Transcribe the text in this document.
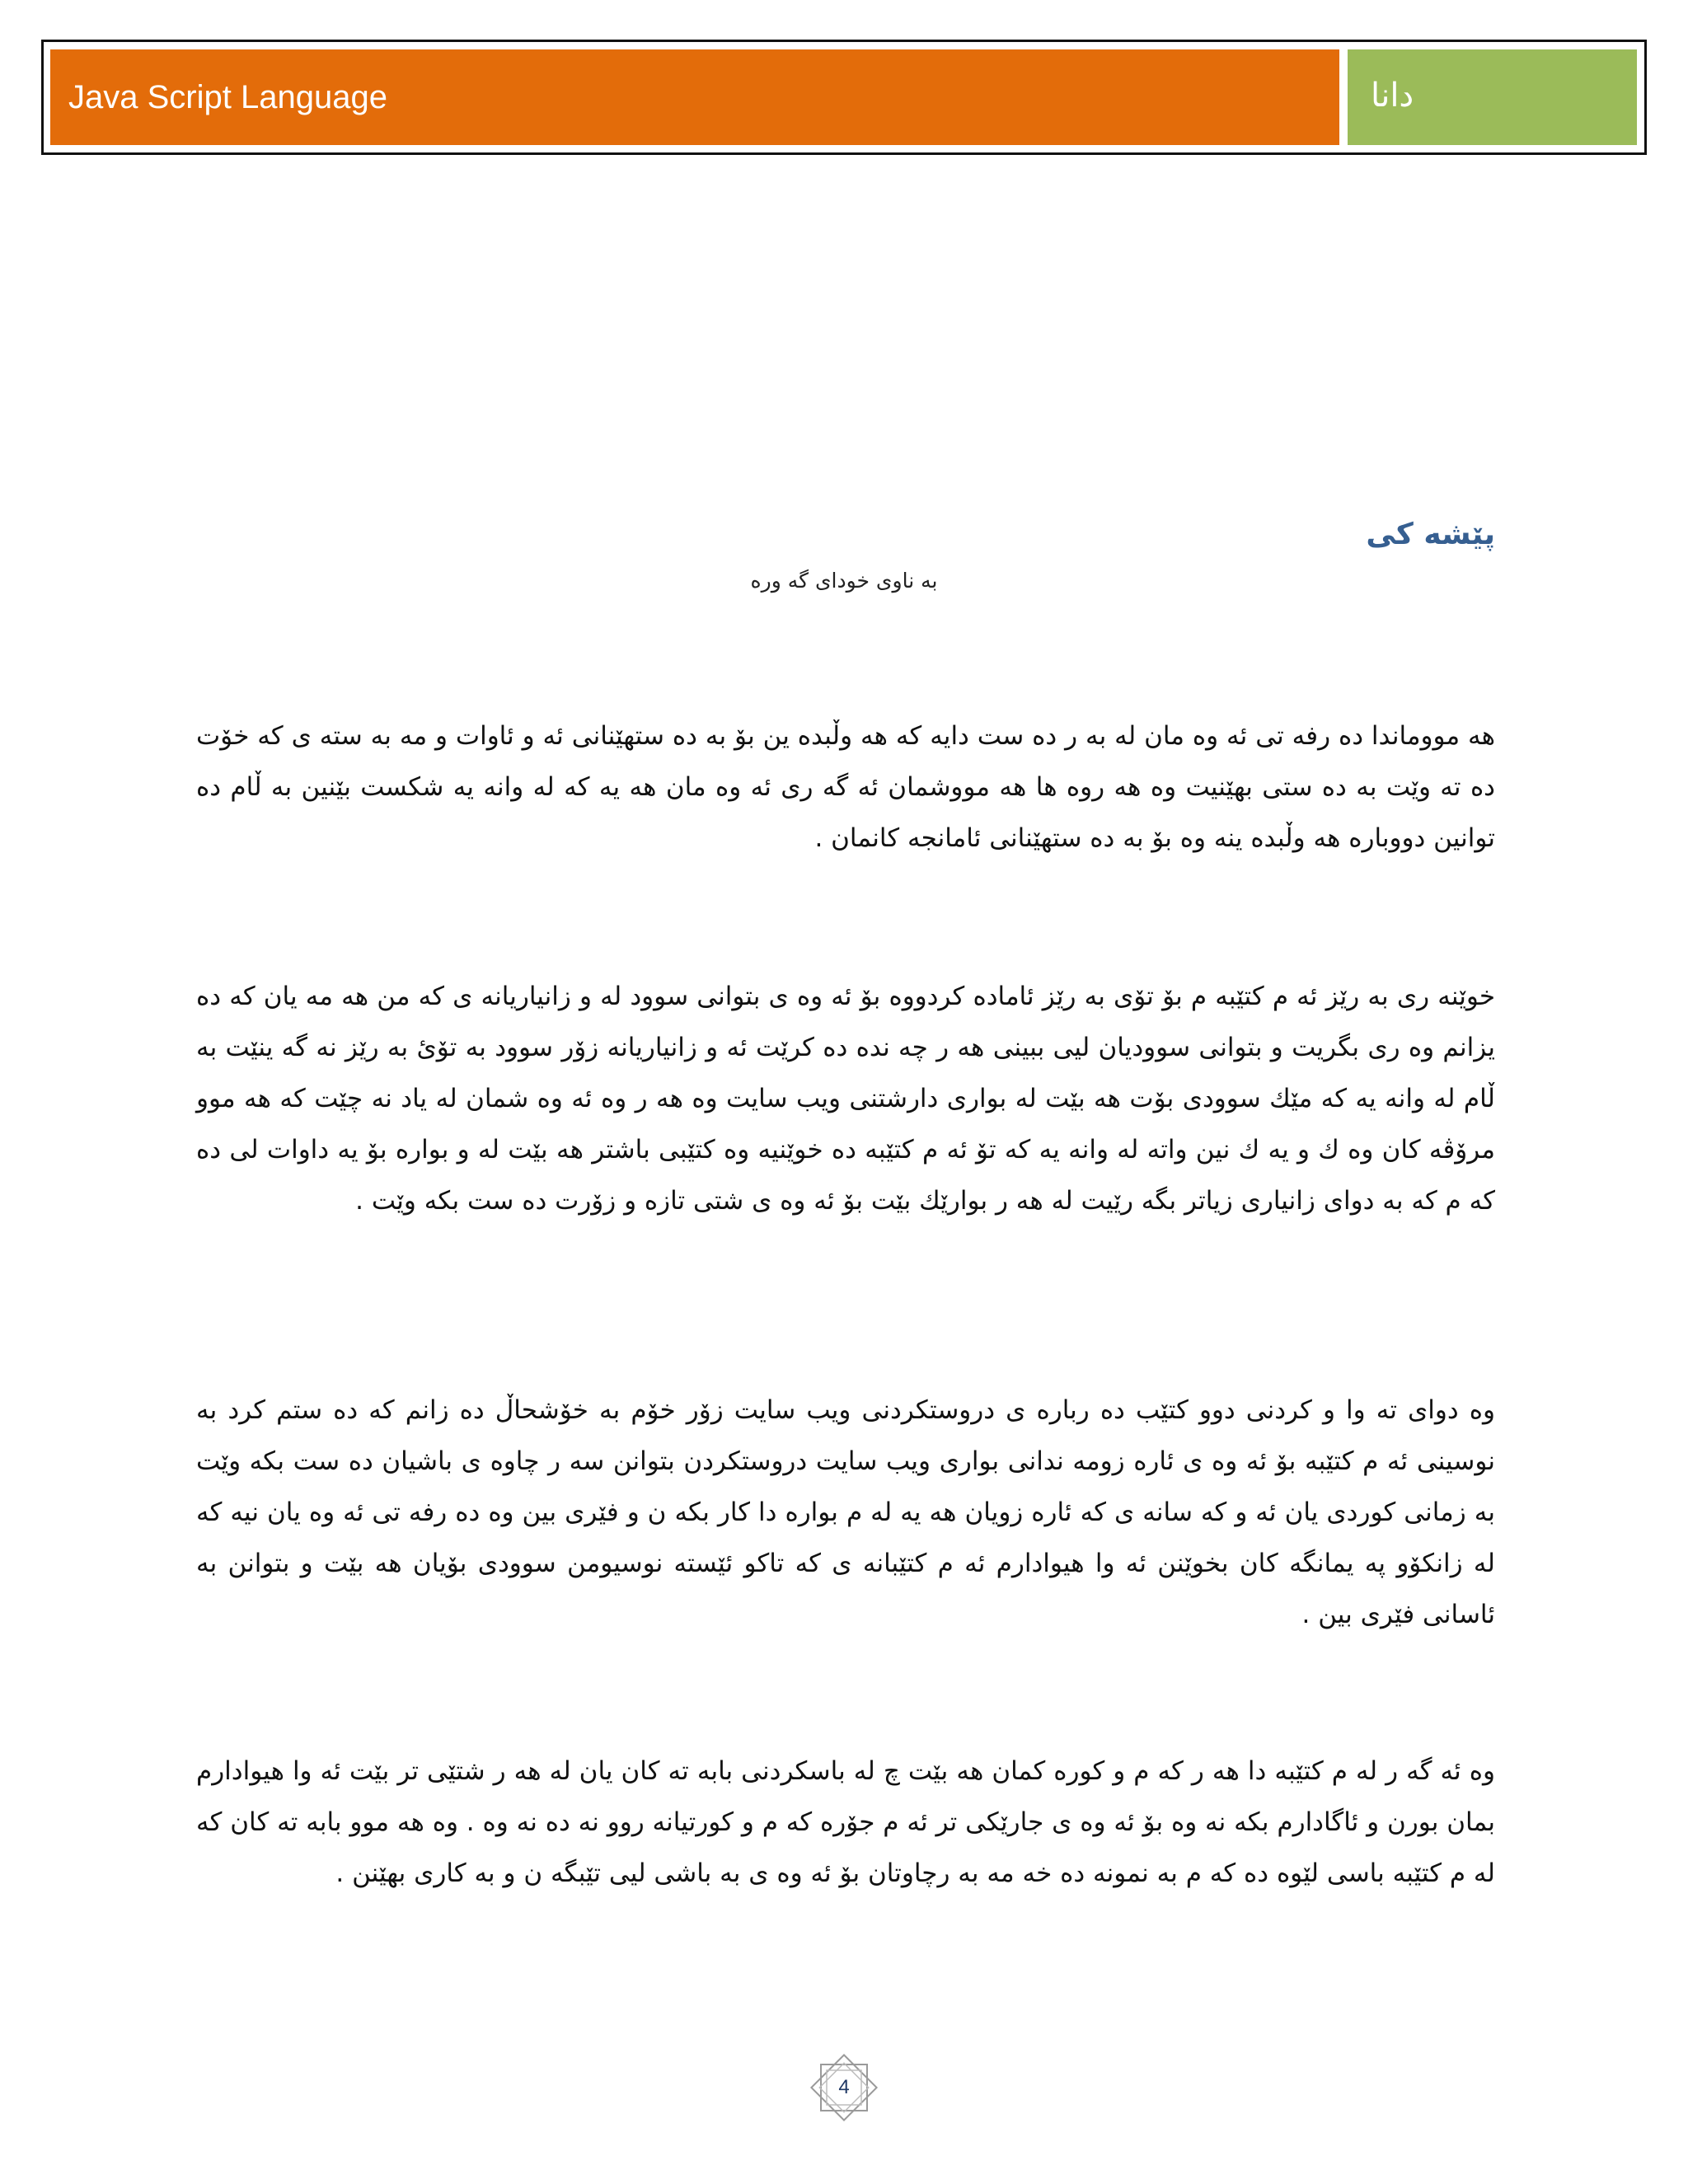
Java Script Language	دانا
پێشه کی
به ناوی خودای گه وره

هه مووماندا ده رفه تی ئه وه مان له به ر ده ست دایه که هه وڵبده ین بۆ به ده ستهێنانی ئه و ئاوات و مه به سته ی که خۆت ده ته وێت به ده ستی بهێنیت وه هه روه ها هه مووشمان ئه گه ری ئه وه مان هه یه که له وانه یه شکست بێنین به ڵام ده توانین دووباره هه وڵبده ینه وه بۆ به ده ستهێنانی ئامانجه کانمان .

خوێنه ری به رێز ئه م کتێبه م بۆ تۆی به رێز ئاماده کردووه بۆ ئه وه ی بتوانی سوود له و زانیاریانه ی که من هه مه یان که ده یزانم وه ری بگریت و بتوانی سوودیان لیی ببینی هه ر چه نده ده کرێت ئه و زانیاریانه زۆر سوود به تۆئ به رێز نه گه ینێت به ڵام له وانه یه که مێك سوودی بۆت هه بێت له بواری دارشتنی ویب سایت وه هه ر وه ئه وه شمان له یاد نه چێت که هه موو مرۆڤه كان وه ك و یه ك نین واته له وانه یه كه تۆ ئه م كتێبه ده خوێنیه وه كتێبی باشتر هه بێت له و بواره بۆ یه داوات لی ده كه م كه به دوای زانیاری زیاتر بگه رێیت له هه ر بوارێك بێت بۆ ئه وه ی شتی تازه و زۆرت ده ست بكه وێت .

وه دوای ته وا و کردنی دوو کتێب ده رباره ی دروستکردنی ویب سایت زۆر خۆم به خۆشحاڵ ده زانم که ده ستم کرد به نوسینی ئه م کتێبه بۆ ئه وه ی ئاره زومه ندانی بواری ویب سایت دروستکردن بتوانن سه ر چاوه ی باشیان ده ست بکه وێت به زمانی کوردی یان ئه و که سانه ی که ئاره زویان هه یه له م بواره دا کار بکه ن و فێری بین وه ده رفه تی ئه وه یان نیه که له زانکۆو په یمانگه کان بخوێنن ئه وا هیوادارم ئه م کتێبانه ی که تاکو ئێسته نوسیومن سوودی بۆیان هه بێت و بتوانن به ئاسانی فێری بین .

وه ئه گه ر له م کتێبه دا هه ر که م و کوره کمان هه بێت چ له باسکردنی بابه ته کان یان له هه ر شتێی تر بێت ئه وا هیوادارم بمان بورن و ئاگادارم بکه نه وه بۆ ئه وه ی جارێکی تر ئه م جۆره که م و کورتیانه روو نه ده نه وه . وه هه موو بابه ته کان که له م کتێبه باسی لێوه ده که م به نمونه ده خه مه به رچاوتان بۆ ئه وه ی به باشی لیی تێبگه ن و به کاری بهێنن .

4
